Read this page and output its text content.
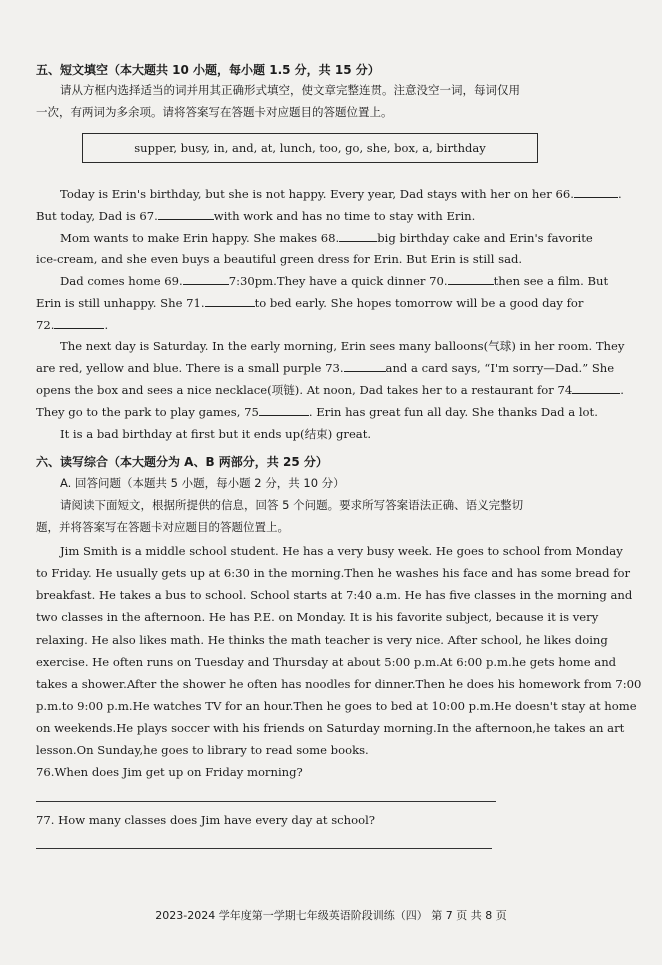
五、短文填空（本大题共 10 小题，每小题 1.5 分，共 15 分）
请从方框内选择适当的词并用其正确形式填空，使文章完整连贯。注意没空一词，每词仅用
一次，有两词为多余项。请将答案写在答题卡对应题目的答题位置上。
supper, busy, in, and, at, lunch, too, go, she, box, a, birthday
Today is Erin's birthday, but she is not happy. Every year, Dad stays with her on her 66.	.
But today, Dad is 67.	with work and has no time to stay with Erin.
Mom wants to make Erin happy. She makes 68.	big birthday cake and Erin's favorite
ice-cream, and she even buys a beautiful green dress for Erin. But Erin is still sad.
Dad comes home 69.	7:30pm.They have a quick dinner 70.	then see a film. But
Erin is still unhappy. She 71.	to bed early. She hopes tomorrow will be a good day for
72.	.
The next day is Saturday. In the early morning, Erin sees many balloons(气球) in her room. They
are red, yellow and blue. There is a small purple 73.	and a card says, “I'm sorry—Dad.” She
opens the box and sees a nice necklace(项链). At noon, Dad takes her to a restaurant for 74	.
They go to the park to play games, 75	. Erin has great fun all day. She thanks Dad a lot.
It is a bad birthday at first but it ends up(结束) great.
六、读写综合（本大题分为 A、B 两部分，共 25 分）
A. 回答问题（本题共 5 小题，每小题 2 分，共 10 分）
请阅读下面短文，根据所提供的信息，回答 5 个问题。要求所写答案语法正确、语义完整切
题，并将答案写在答题卡对应题目的答题位置上。
Jim Smith is a middle school student. He has a very busy week. He goes to school from Monday
to Friday. He usually gets up at 6:30 in the morning.Then he washes his face and has some bread for
breakfast. He takes a bus to school. School starts at 7:40 a.m. He has five classes in the morning and
two classes in the afternoon. He has P.E. on Monday. It is his favorite subject, because it is very
relaxing. He also likes math. He thinks the math teacher is very nice. After school, he likes doing
exercise. He often runs on Tuesday and Thursday at about 5:00 p.m.At 6:00 p.m.he gets home and
takes a shower.After the shower he often has noodles for dinner.Then he does his homework from 7:00
p.m.to 9:00 p.m.He watches TV for an hour.Then he goes to bed at 10:00 p.m.He doesn't stay at home
on weekends.He plays soccer with his friends on Saturday morning.In the afternoon,he takes an art
lesson.On Sunday,he goes to library to read some books.
76.When does Jim get up on Friday morning?
77. How many classes does Jim have every day at school?
2023-2024 学年度第一学期七年级英语阶段训练（四） 第 7 页 共 8 页
